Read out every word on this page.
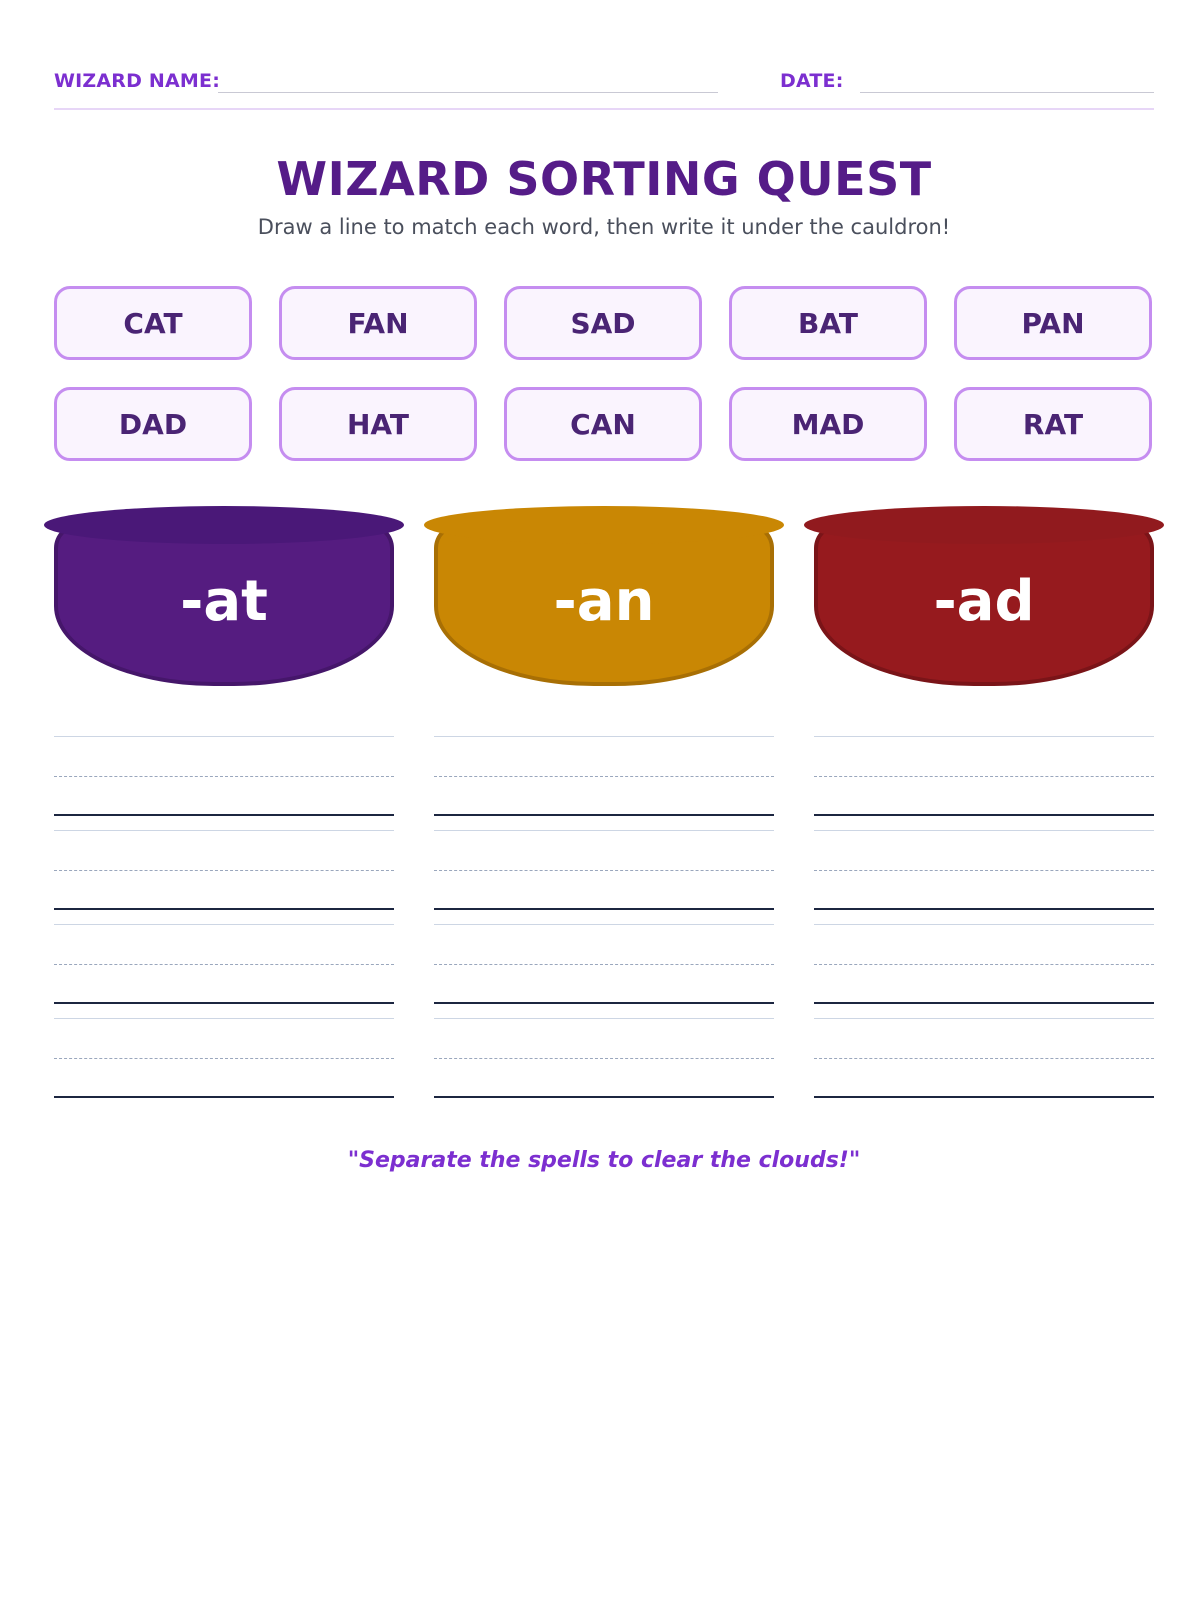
WIZARD NAME:	DATE:
WIZARD SORTING QUEST
Draw a line to match each word, then write it under the cauldron!
CAT	FAN	SAD	BAT	PAN
DAD	HAT	CAN	MAD	RAT
-at	-an	-ad
"Separate the spells to clear the clouds!"
